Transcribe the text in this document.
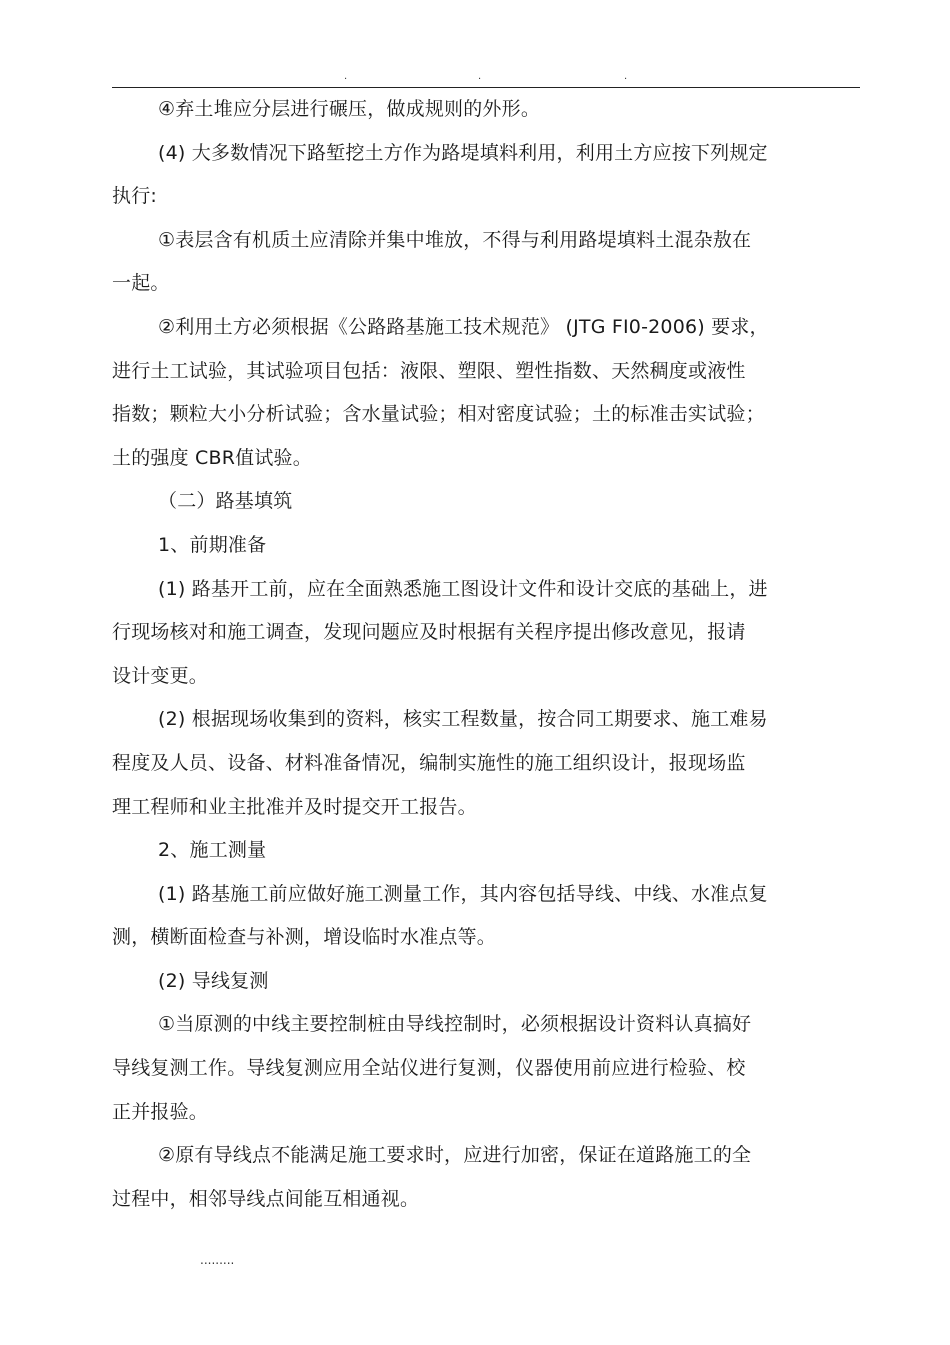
.	.	.
④弃土堆应分层进行碾压，做成规则的外形。
(4) 大多数情况下路堑挖土方作为路堤填料利用，利用土方应按下列规定
执行:
①表层含有机质土应清除并集中堆放，不得与利用路堤填料土混杂敖在
一起。
②利用土方必须根据《公路路基施工技术规范》 (JTG FI0-2006) 要求，
进行土工试验，其试验项目包括：液限、塑限、塑性指数、天然稠度或液性
指数；颗粒大小分析试验；含水量试验；相对密度试验；土的标准击实试验；
土的强度 CBR值试验。
（二）路基填筑
1、前期准备
(1) 路基开工前，应在全面熟悉施工图设计文件和设计交底的基础上，进
行现场核对和施工调查，发现问题应及时根据有关程序提出修改意见，报请
设计变更。
(2) 根据现场收集到的资料，核实工程数量，按合同工期要求、施工难易
程度及人员、设备、材料准备情况，编制实施性的施工组织设计，报现场监
理工程师和业主批准并及时提交开工报告。
2、施工测量
(1) 路基施工前应做好施工测量工作，其内容包括导线、中线、水准点复
测，横断面检查与补测，增设临时水准点等。
(2) 导线复测
①当原测的中线主要控制桩由导线控制时，必须根据设计资料认真搞好
导线复测工作。导线复测应用全站仪进行复测，仪器使用前应进行检验、校
正并报验。
②原有导线点不能满足施工要求时，应进行加密，保证在道路施工的全
过程中，相邻导线点间能互相通视。
.........
